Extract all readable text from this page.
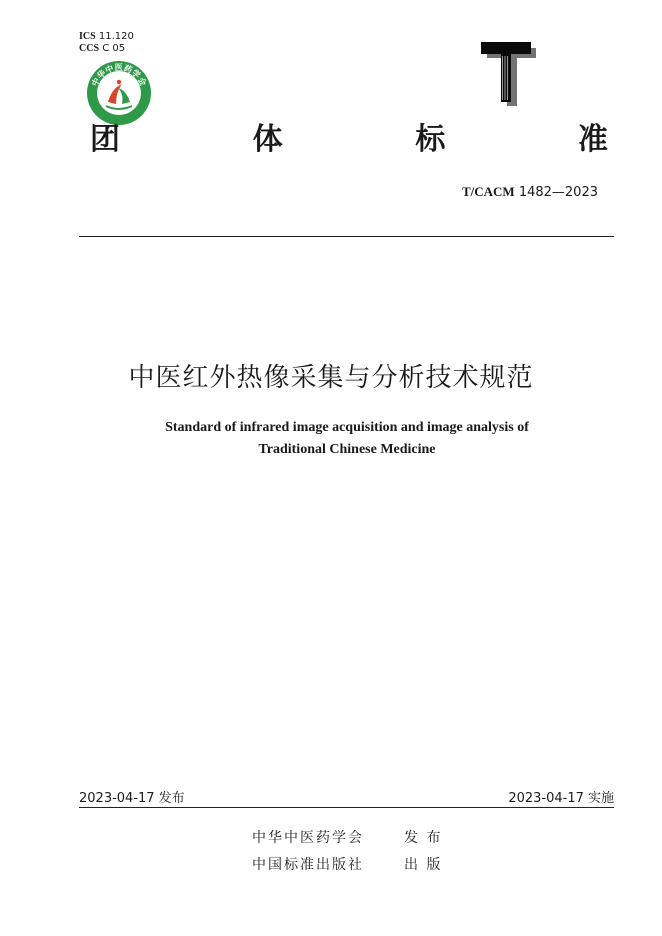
ICS 11.120
CCS C 05
中华中医药学会
团	体	标	准
T/CACM 1482—2023
中医红外热像采集与分析技术规范
Standard of infrared image acquisition and image analysis of
Traditional Chinese Medicine
2023-04-17 发布	2023-04-17 实施
中华中医药学会	发 布
中国标准出版社	出 版
